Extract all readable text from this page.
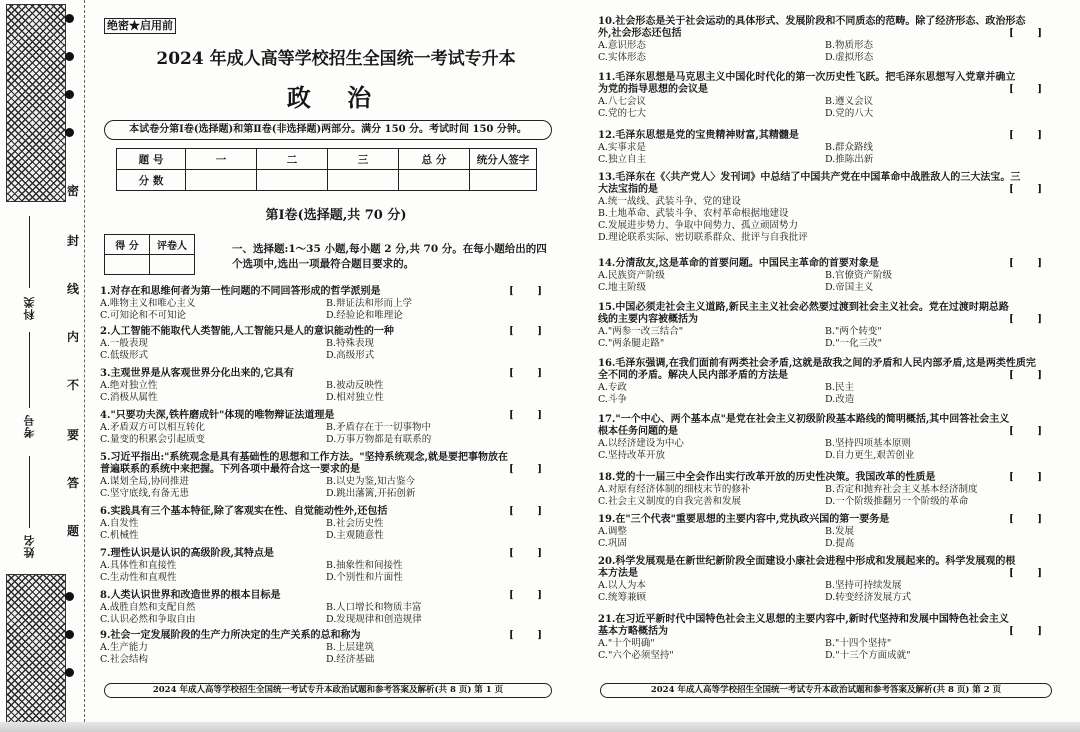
科类
考号
姓名
密
封
线
内
不
要
答
题
绝密★启用前
2024 年成人高等学校招生全国统一考试专升本
政 治
本试卷分第Ⅰ卷(选择题)和第Ⅱ卷(非选择题)两部分。满分 150 分。考试时间 150 分钟。
题 号	一	二	三	总 分	统分人签字
分 数					
第Ⅰ卷(选择题,共 70 分)
得 分	评卷人
		一、选择题:1～35 小题,每小题 2 分,共 70 分。在每小题给出的四个选项中,选出一项最符合题目要求的。
1.对存在和思维何者为第一性问题的不同回答形成的哲学派别是	[ ]
A.唯物主义和唯心主义	B.辩证法和形而上学
C.可知论和不可知论	D.经验论和唯理论
2.人工智能不能取代人类智能,人工智能只是人的意识能动性的一种	[ ]
A.一般表现	B.特殊表现
C.低级形式	D.高级形式
3.主观世界是从客观世界分化出来的,它具有	[ ]
A.绝对独立性	B.被动反映性
C.消极从属性	D.相对独立性
4."只要功夫深,铁杵磨成针"体现的唯物辩证法道理是	[ ]
A.矛盾双方可以相互转化	B.矛盾存在于一切事物中
C.量变的积累会引起质变	D.万事万物都是有联系的
5.习近平指出:"系统观念是具有基础性的思想和工作方法。"坚持系统观念,就是要把事物放在
普遍联系的系统中来把握。下列各项中最符合这一要求的是	[ ]
A.谋划全局,协同推进	B.以史为鉴,知古鉴今
C.坚守底线,有备无患	D.跳出藩篱,开拓创新
6.实践具有三个基本特征,除了客观实在性、自觉能动性外,还包括	[ ]
A.自发性	B.社会历史性
C.机械性	D.主观随意性
7.理性认识是认识的高级阶段,其特点是	[ ]
A.具体性和直接性	B.抽象性和间接性
C.生动性和直观性	D.个别性和片面性
8.人类认识世界和改造世界的根本目标是	[ ]
A.战胜自然和支配自然	B.人口增长和物质丰富
C.认识必然和争取自由	D.发现规律和创造规律
9.社会一定发展阶段的生产力所决定的生产关系的总和称为	[ ]
A.生产能力	B.上层建筑
C.社会结构	D.经济基础
2024 年成人高等学校招生全国统一考试专升本政治试题和参考答案及解析(共 8 页) 第 1 页
10.社会形态是关于社会运动的具体形式、发展阶段和不同质态的范畴。除了经济形态、政治形态
外,社会形态还包括	[ ]
A.意识形态	B.物质形态
C.实体形态	D.虚拟形态
11.毛泽东思想是马克思主义中国化时代化的第一次历史性飞跃。把毛泽东思想写入党章并确立
为党的指导思想的会议是	[ ]
A.八七会议	B.遵义会议
C.党的七大	D.党的八大
12.毛泽东思想是党的宝贵精神财富,其精髓是	[ ]
A.实事求是	B.群众路线
C.独立自主	D.推陈出新
13.毛泽东在《〈共产党人〉发刊词》中总结了中国共产党在中国革命中战胜敌人的三大法宝。三
大法宝指的是	[ ]
A.统一战线、武装斗争、党的建设
B.土地革命、武装斗争、农村革命根据地建设
C.发展进步势力、争取中间势力、孤立顽固势力
D.理论联系实际、密切联系群众、批评与自我批评
14.分清敌友,这是革命的首要问题。中国民主革命的首要对象是	[ ]
A.民族资产阶级	B.官僚资产阶级
C.地主阶级	D.帝国主义
15.中国必须走社会主义道路,新民主主义社会必然要过渡到社会主义社会。党在过渡时期总路
线的主要内容被概括为	[ ]
A."两参一改三结合"	B."两个转变"
C."两条腿走路"	D."一化三改"
16.毛泽东强调,在我们面前有两类社会矛盾,这就是敌我之间的矛盾和人民内部矛盾,这是两类性质完
全不同的矛盾。解决人民内部矛盾的方法是	[ ]
A.专政	B.民主
C.斗争	D.改造
17."一个中心、两个基本点"是党在社会主义初级阶段基本路线的简明概括,其中回答社会主义
根本任务问题的是	[ ]
A.以经济建设为中心	B.坚持四项基本原则
C.坚持改革开放	D.自力更生,艰苦创业
18.党的十一届三中全会作出实行改革开放的历史性决策。我国改革的性质是	[ ]
A.对原有经济体制的细枝末节的修补	B.否定和抛弃社会主义基本经济制度
C.社会主义制度的自我完善和发展	D.一个阶级推翻另一个阶级的革命
19.在"三个代表"重要思想的主要内容中,党执政兴国的第一要务是	[ ]
A.调整	B.发展
C.巩固	D.提高
20.科学发展观是在新世纪新阶段全面建设小康社会进程中形成和发展起来的。科学发展观的根
本方法是	[ ]
A.以人为本	B.坚持可持续发展
C.统筹兼顾	D.转变经济发展方式
21.在习近平新时代中国特色社会主义思想的主要内容中,新时代坚持和发展中国特色社会主义
基本方略概括为	[ ]
A."十个明确"	B."十四个坚持"
C."六个必须坚持"	D."十三个方面成就"
2024 年成人高等学校招生全国统一考试专升本政治试题和参考答案及解析(共 8 页) 第 2 页
